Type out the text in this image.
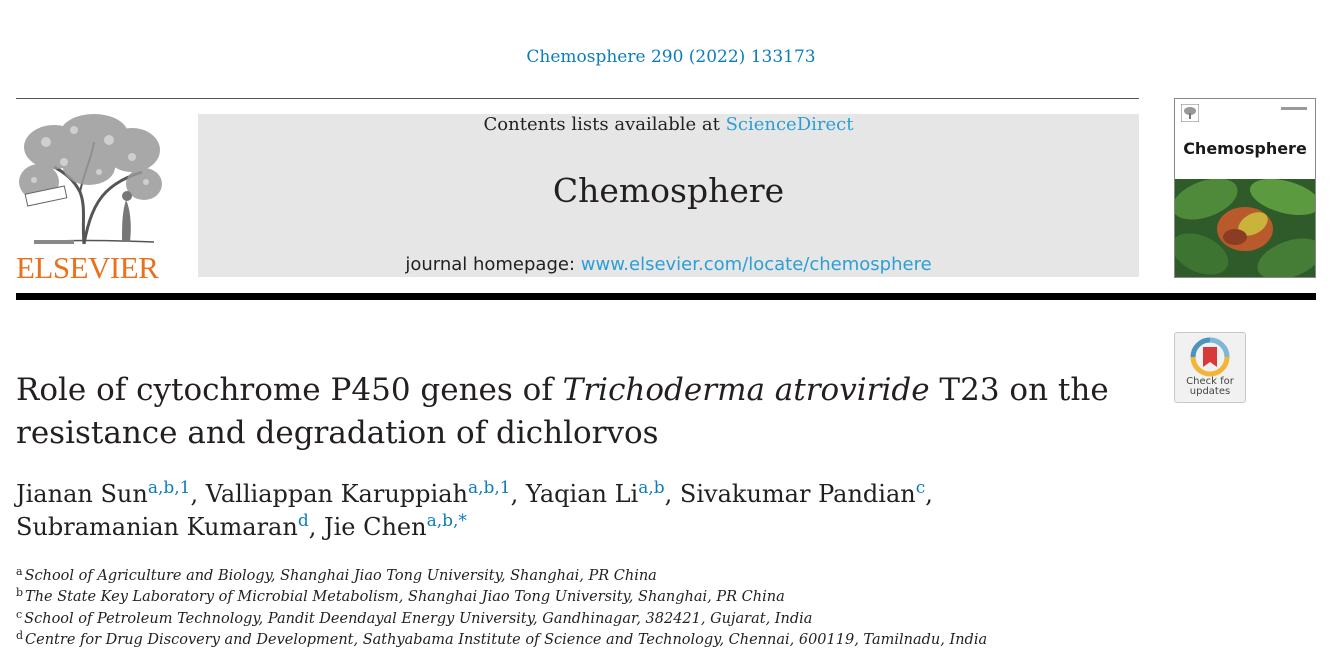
Chemosphere 290 (2022) 133173
ELSEVIER
Contents lists available at ScienceDirect
Chemosphere
journal homepage: www.elsevier.com/locate/chemosphere
Chemosphere
Check for
updates
Role of cytochrome P450 genes of Trichoderma atroviride T23 on the resistance and degradation of dichlorvos
Jianan Sun$^{a,b,1}$, Valliappan Karuppiah$^{a,b,1}$, Yaqian Li$^{a,b}$, Sivakumar Pandian$^c$,
Subramanian Kumaran$^d$, Jie Chen$^{a,b,*}$
$^a$ School of Agriculture and Biology, Shanghai Jiao Tong University, Shanghai, PR China
$^b$ The State Key Laboratory of Microbial Metabolism, Shanghai Jiao Tong University, Shanghai, PR China
$^c$ School of Petroleum Technology, Pandit Deendayal Energy University, Gandhinagar, 382421, Gujarat, India
$^d$ Centre for Drug Discovery and Development, Sathyabama Institute of Science and Technology, Chennai, 600119, Tamilnadu, India
